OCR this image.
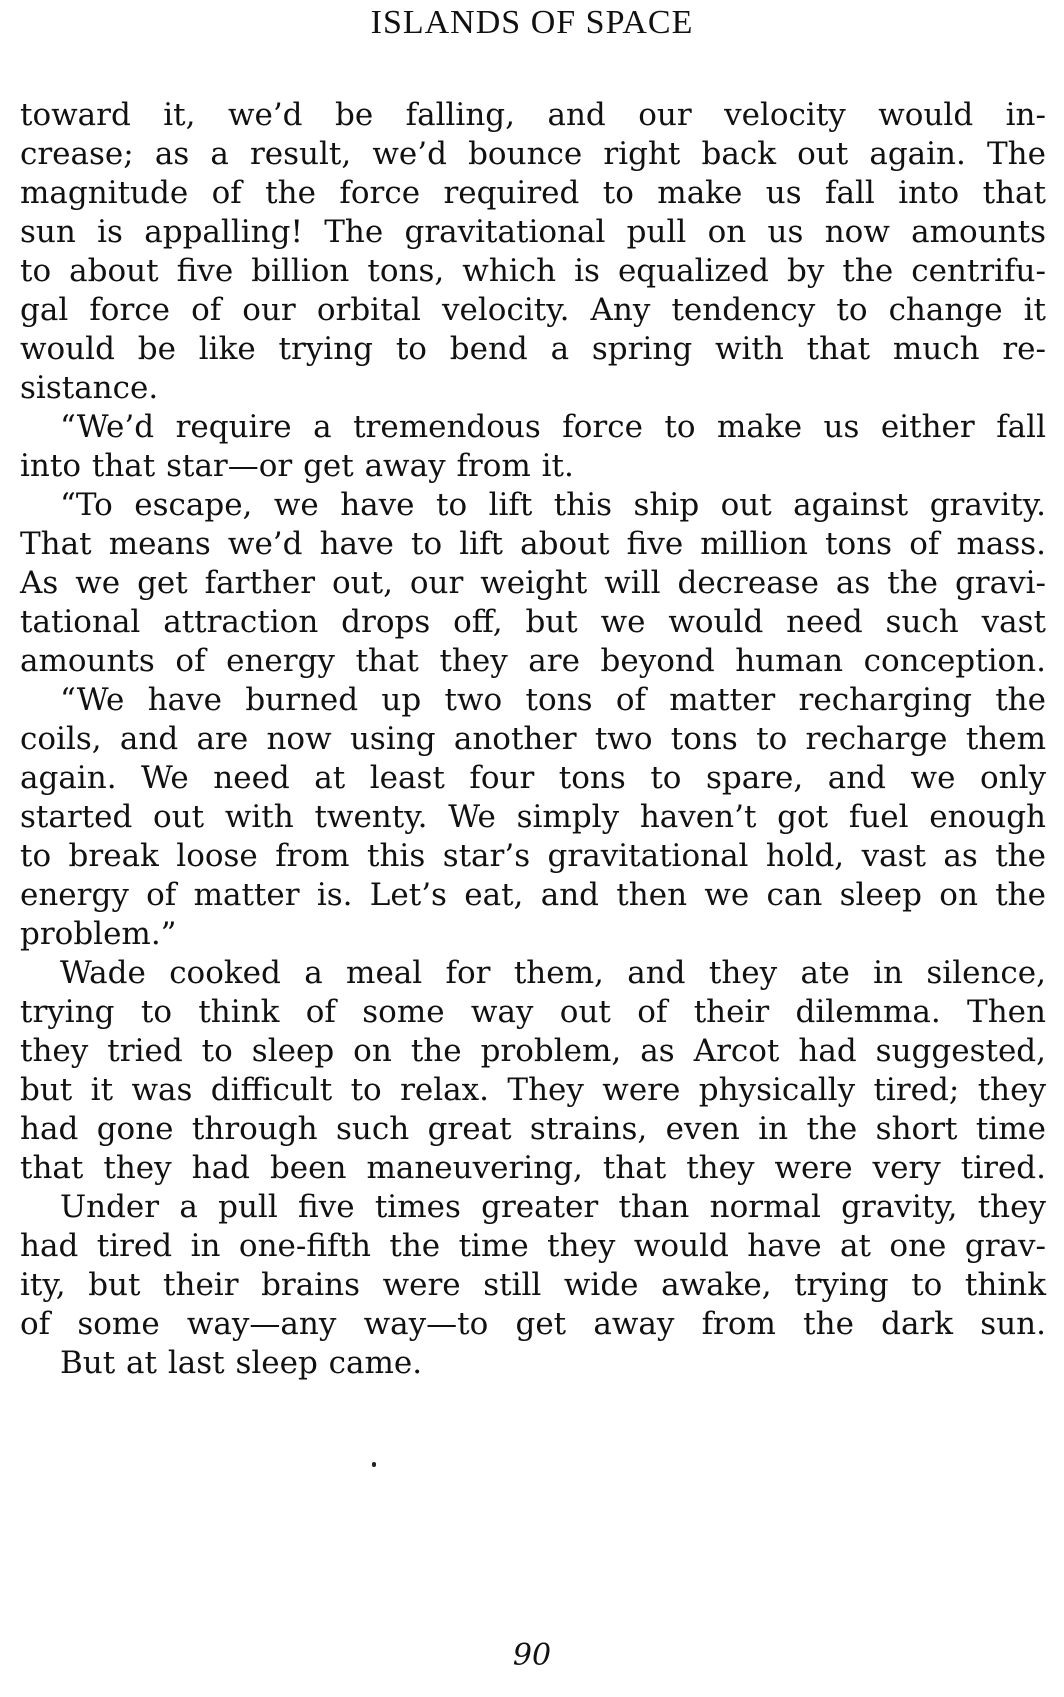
ISLANDS OF SPACE
toward it, we’d be falling, and our velocity would in-
crease; as a result, we’d bounce right back out again. The
magnitude of the force required to make us fall into that
sun is appalling! The gravitational pull on us now amounts
to about five billion tons, which is equalized by the centrifu-
gal force of our orbital velocity. Any tendency to change it
would be like trying to bend a spring with that much re-
sistance.
“We’d require a tremendous force to make us either fall
into that star—or get away from it.
“To escape, we have to lift this ship out against gravity.
That means we’d have to lift about five million tons of mass.
As we get farther out, our weight will decrease as the gravi-
tational attraction drops off, but we would need such vast
amounts of energy that they are beyond human conception.
“We have burned up two tons of matter recharging the
coils, and are now using another two tons to recharge them
again. We need at least four tons to spare, and we only
started out with twenty. We simply haven’t got fuel enough
to break loose from this star’s gravitational hold, vast as the
energy of matter is. Let’s eat, and then we can sleep on the
problem.”
Wade cooked a meal for them, and they ate in silence,
trying to think of some way out of their dilemma. Then
they tried to sleep on the problem, as Arcot had suggested,
but it was difficult to relax. They were physically tired; they
had gone through such great strains, even in the short time
that they had been maneuvering, that they were very tired.
Under a pull five times greater than normal gravity, they
had tired in one-fifth the time they would have at one grav-
ity, but their brains were still wide awake, trying to think
of some way—any way—to get away from the dark sun.
But at last sleep came.
90
